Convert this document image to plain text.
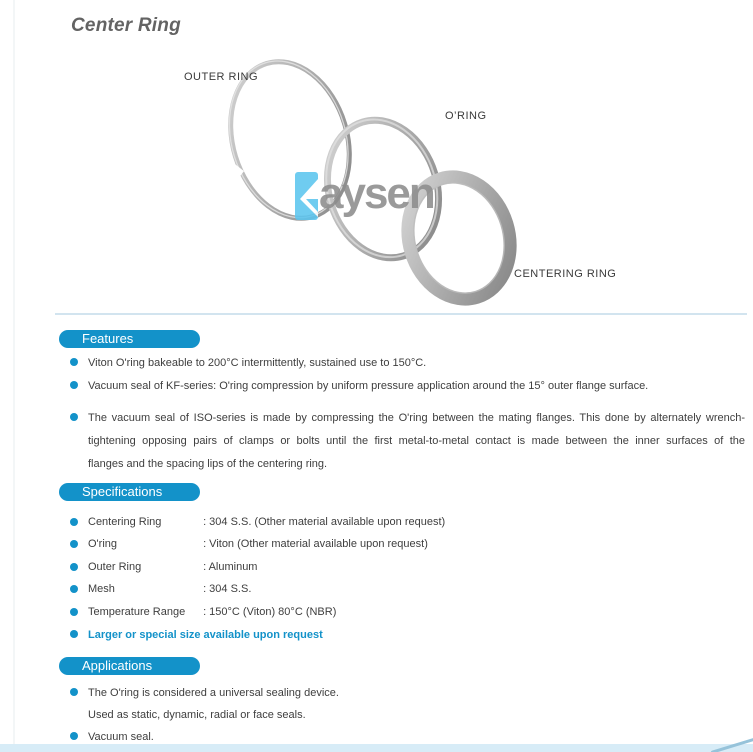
Center Ring
OUTER RING
O’RING
CENTERING RING
aysen
Features
Viton O'ring bakeable to 200°C intermittently, sustained use to 150°C.
Vacuum seal of KF-series: O'ring compression by uniform pressure application around the 15° outer flange surface.
The vacuum seal of ISO-series is made by compressing the O'ring between the mating flanges. This done by alternately wrench-
tightening opposing pairs of clamps or bolts until the first metal-to-metal contact is made between the inner surfaces of the
flanges and the spacing lips of the centering ring.
Specifications
Centering Ring	: 304 S.S. (Other material available upon request)
O'ring	: Viton (Other material available upon request)
Outer Ring	: Aluminum
Mesh	: 304 S.S.
Temperature Range : 150°C (Viton) 80°C (NBR)
Larger or special size available upon request
Applications
The O'ring is considered a universal sealing device.
Used as static, dynamic, radial or face seals.
Vacuum seal.
